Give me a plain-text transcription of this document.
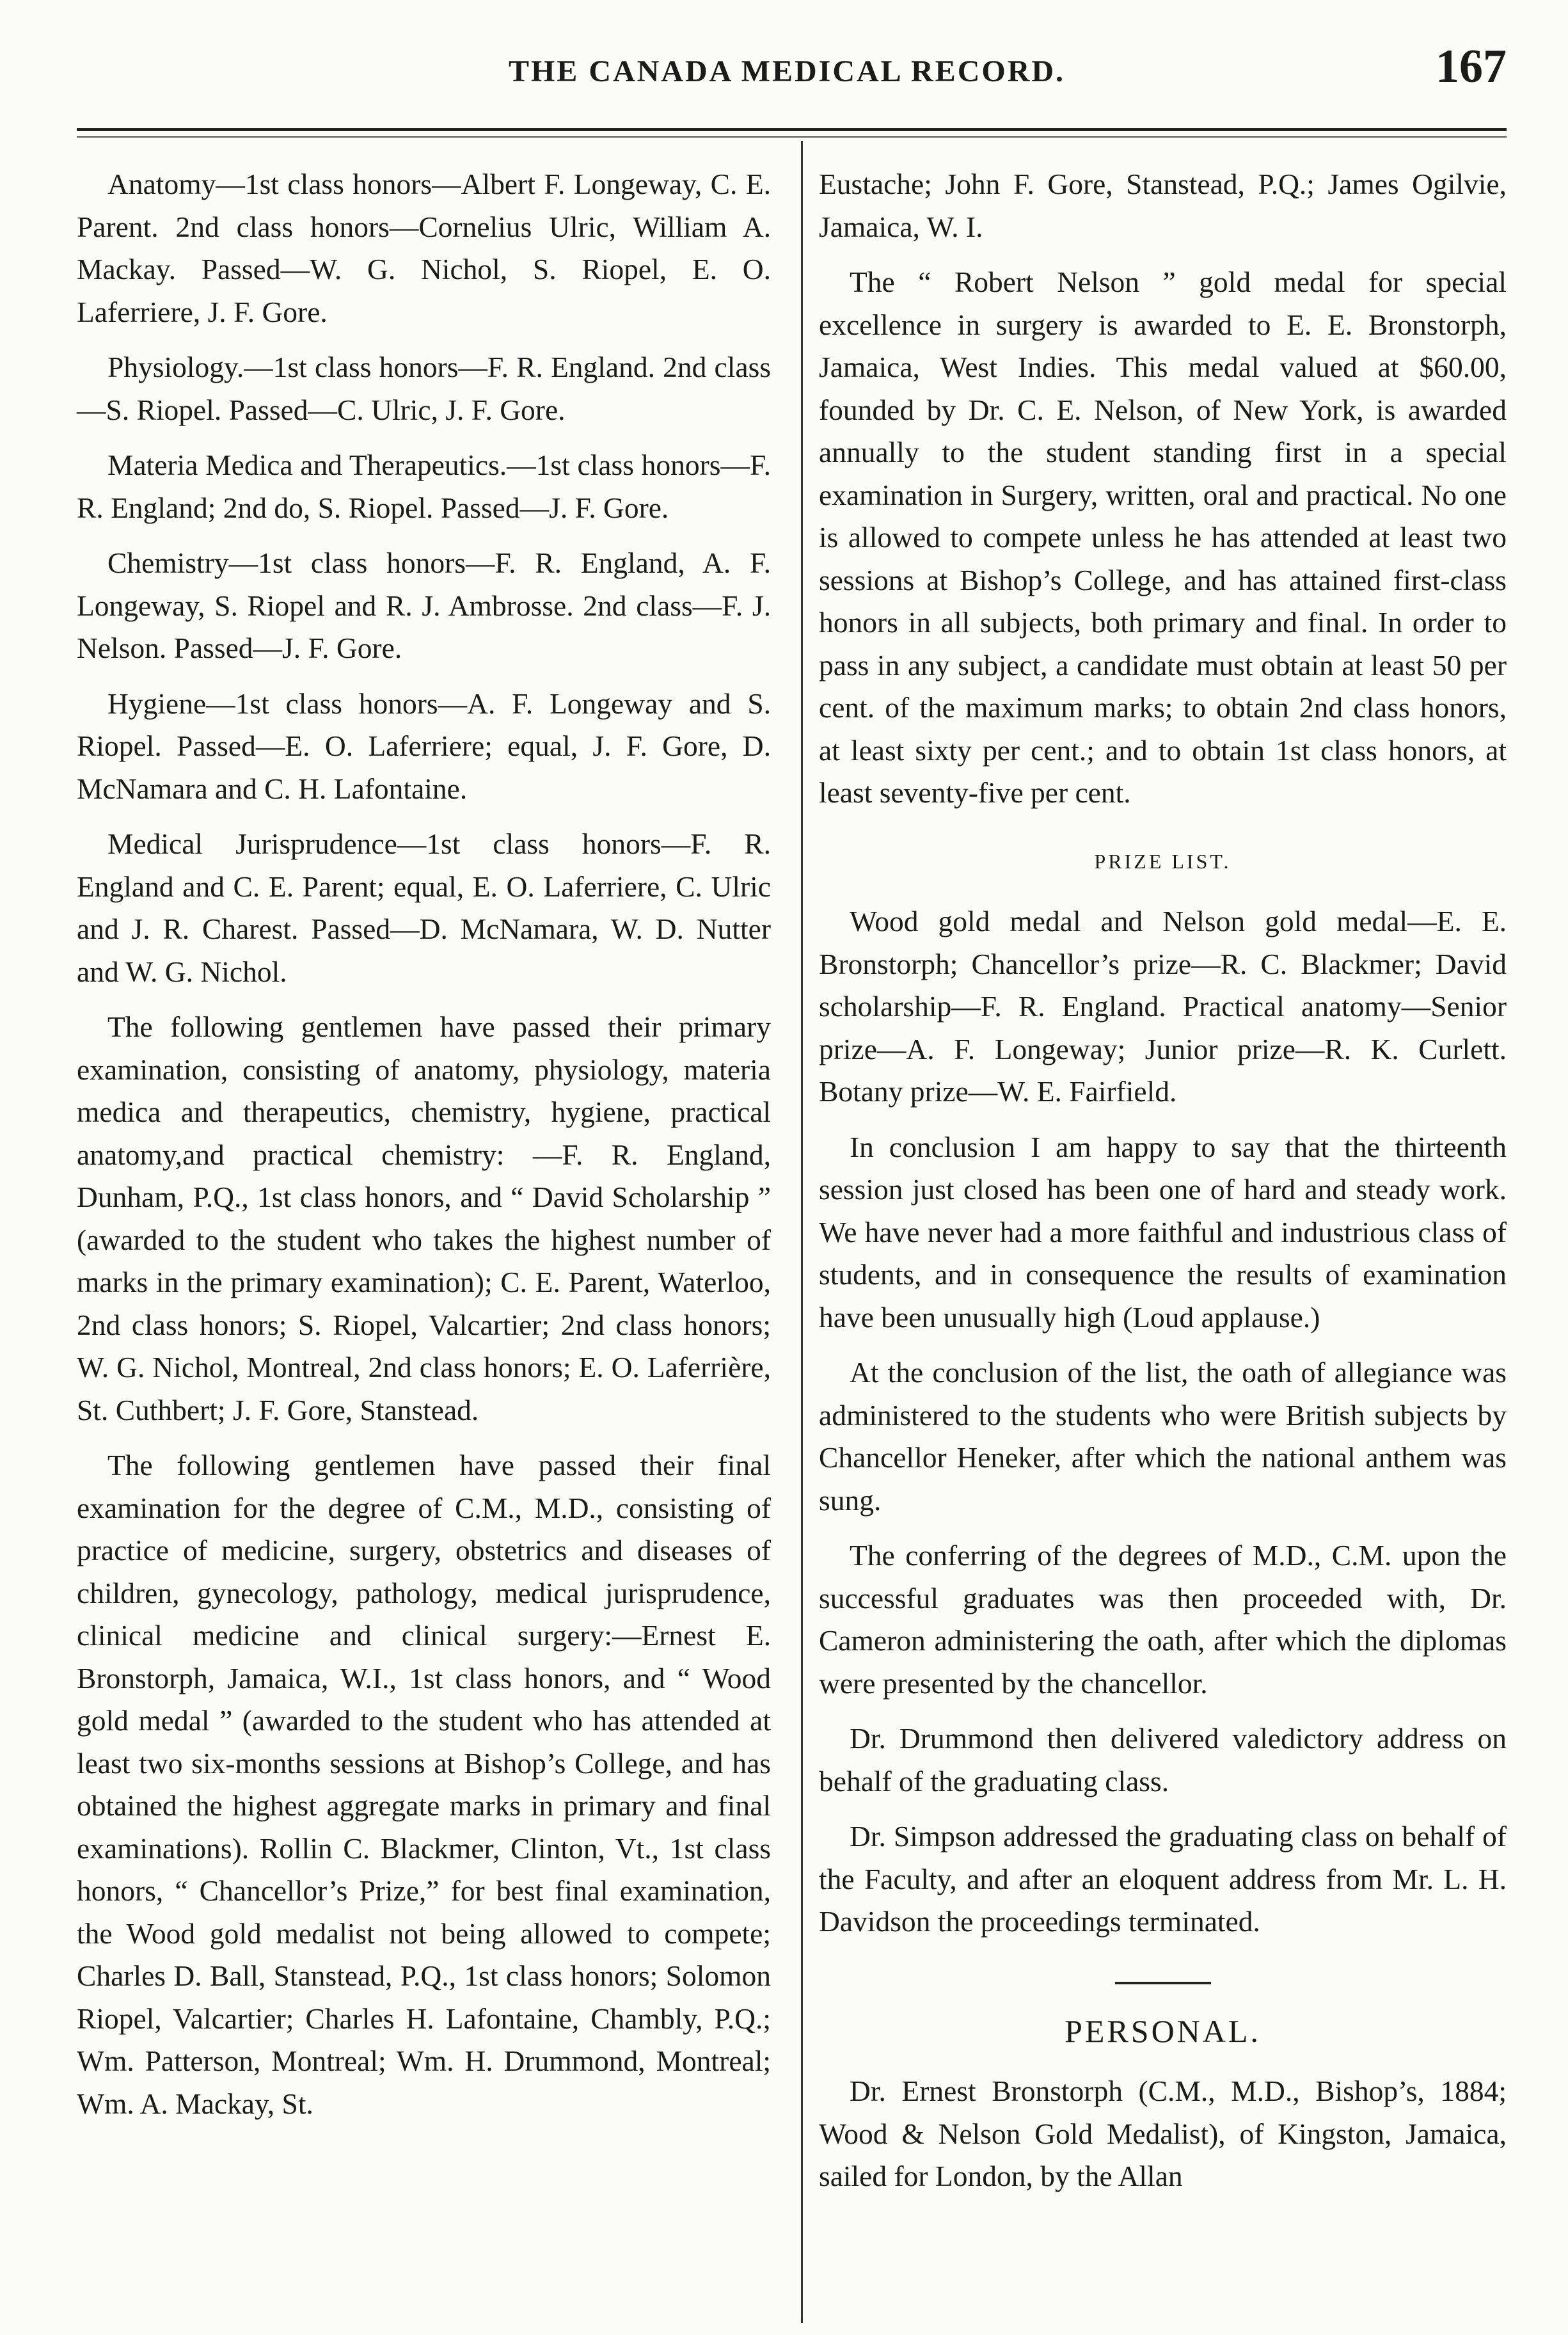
THE CANADA MEDICAL RECORD.	167

Anatomy—1st class honors—Albert F. Longeway, C. E. Parent. 2nd class honors—Cornelius Ulric, William A. Mackay. Passed—W. G. Nichol, S. Riopel, E. O. Laferriere, J. F. Gore.

Physiology.—1st class honors—F. R. England. 2nd class—S. Riopel. Passed—C. Ulric, J. F. Gore.

Materia Medica and Therapeutics.—1st class honors—F. R. England; 2nd do, S. Riopel. Passed—J. F. Gore.

Chemistry—1st class honors—F. R. England, A. F. Longeway, S. Riopel and R. J. Ambrosse. 2nd class—F. J. Nelson. Passed—J. F. Gore.

Hygiene—1st class honors—A. F. Longeway and S. Riopel. Passed—E. O. Laferriere; equal, J. F. Gore, D. McNamara and C. H. Lafontaine.

Medical Jurisprudence—1st class honors—F. R. England and C. E. Parent; equal, E. O. Laferriere, C. Ulric and J. R. Charest. Passed—D. McNamara, W. D. Nutter and W. G. Nichol.

The following gentlemen have passed their primary examination, consisting of anatomy, physiology, materia medica and therapeutics, chemistry, hygiene, practical anatomy,and practical chemistry: —F. R. England, Dunham, P.Q., 1st class honors, and “ David Scholarship ” (awarded to the student who takes the highest number of marks in the primary examination); C. E. Parent, Waterloo, 2nd class honors; S. Riopel, Valcartier; 2nd class honors; W. G. Nichol, Montreal, 2nd class honors; E. O. Laferrière, St. Cuthbert; J. F. Gore, Stanstead.

The following gentlemen have passed their final examination for the degree of C.M., M.D., consisting of practice of medicine, surgery, obstetrics and diseases of children, gynecology, pathology, medical jurisprudence, clinical medicine and clinical surgery:—Ernest E. Bronstorph, Jamaica, W.I., 1st class honors, and “ Wood gold medal ” (awarded to the student who has attended at least two six-months sessions at Bishop’s College, and has obtained the highest aggregate marks in primary and final examinations). Rollin C. Blackmer, Clinton, Vt., 1st class honors, “ Chancellor’s Prize,” for best final examination, the Wood gold medalist not being allowed to compete; Charles D. Ball, Stanstead, P.Q., 1st class honors; Solomon Riopel, Valcartier; Charles H. Lafontaine, Chambly, P.Q.; Wm. Patterson, Montreal; Wm. H. Drummond, Montreal; Wm. A. Mackay, St.

Eustache; John F. Gore, Stanstead, P.Q.; James Ogilvie, Jamaica, W. I.

The “ Robert Nelson ” gold medal for special excellence in surgery is awarded to E. E. Bronstorph, Jamaica, West Indies. This medal valued at $60.00, founded by Dr. C. E. Nelson, of New York, is awarded annually to the student standing first in a special examination in Surgery, written, oral and practical. No one is allowed to compete unless he has attended at least two sessions at Bishop’s College, and has attained first-class honors in all subjects, both primary and final. In order to pass in any subject, a candidate must obtain at least 50 per cent. of the maximum marks; to obtain 2nd class honors, at least sixty per cent.; and to obtain 1st class honors, at least seventy-five per cent.

PRIZE LIST.

Wood gold medal and Nelson gold medal—E. E. Bronstorph; Chancellor’s prize—R. C. Blackmer; David scholarship—F. R. England. Practical anatomy—Senior prize—A. F. Longeway; Junior prize—R. K. Curlett. Botany prize—W. E. Fairfield.

In conclusion I am happy to say that the thirteenth session just closed has been one of hard and steady work. We have never had a more faithful and industrious class of students, and in consequence the results of examination have been unusually high (Loud applause.)

At the conclusion of the list, the oath of allegiance was administered to the students who were British subjects by Chancellor Heneker, after which the national anthem was sung.

The conferring of the degrees of M.D., C.M. upon the successful graduates was then proceeded with, Dr. Cameron administering the oath, after which the diplomas were presented by the chancellor.

Dr. Drummond then delivered valedictory address on behalf of the graduating class.

Dr. Simpson addressed the graduating class on behalf of the Faculty, and after an eloquent address from Mr. L. H. Davidson the proceedings terminated.

PERSONAL.

Dr. Ernest Bronstorph (C.M., M.D., Bishop’s, 1884; Wood & Nelson Gold Medalist), of Kingston, Jamaica, sailed for London, by the Allan
